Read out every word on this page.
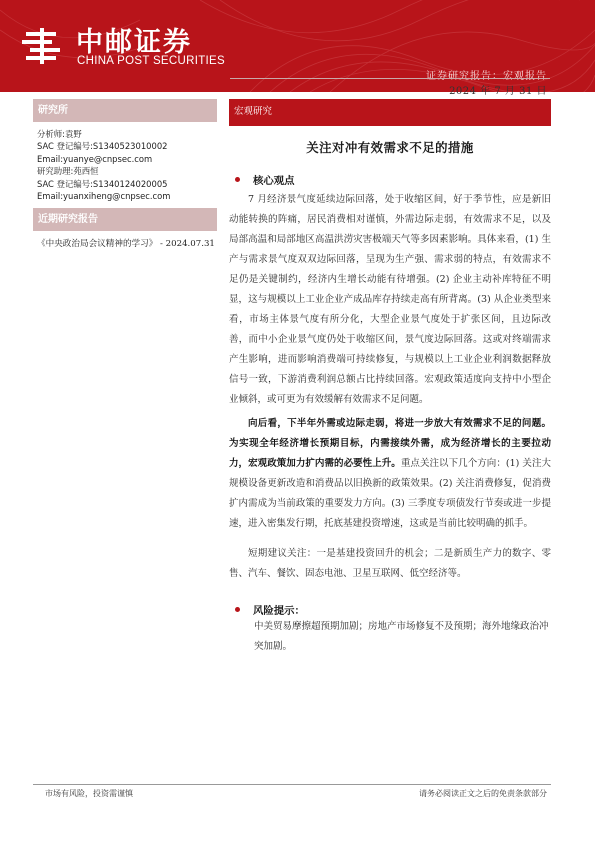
中邮证券
CHINA POST SECURITIES
证券研究报告：宏观报告
2024 年 7 月 31 日
研究所
分析师:袁野
SAC 登记编号:S1340523010002
Email:yuanye@cnpsec.com
研究助理:苑西恒
SAC 登记编号:S1340124020005
Email:yuanxiheng@cnpsec.com
近期研究报告
《中央政治局会议精神的学习》 - 2024.07.31
宏观研究
关注对冲有效需求不足的措施
核心观点

7 月经济景气度延续边际回落，处于收缩区间，好于季节性，应是新旧动能转换的阵痛，居民消费相对谨慎，外需边际走弱，有效需求不足，以及局部高温和局部地区高温洪涝灾害极端天气等多因素影响。具体来看，(1) 生产与需求景气度双双边际回落，呈现为生产强、需求弱的特点，有效需求不足仍是关键制约，经济内生增长动能有待增强。(2) 企业主动补库特征不明显，这与规模以上工业企业产成品库存持续走高有所背离。(3) 从企业类型来看，市场主体景气度有所分化，大型企业景气度处于扩张区间，且边际改善，而中小企业景气度仍处于收缩区间，景气度边际回落。这或对终端需求产生影响，进而影响消费端可持续修复，与规模以上工业企业利润数据释放信号一致，下游消费利润总额占比持续回落。宏观政策适度向支持中小型企业倾斜，或可更为有效缓解有效需求不足问题。

向后看，下半年外需或边际走弱，将进一步放大有效需求不足的问题。为实现全年经济增长预期目标，内需接续外需，成为经济增长的主要拉动力，宏观政策加力扩内需的必要性上升。重点关注以下几个方向：(1) 关注大规模设备更新改造和消费品以旧换新的政策效果。(2) 关注消费修复，促消费扩内需成为当前政策的重要发力方向。(3) 三季度专项债发行节奏或进一步提速，进入密集发行期，托底基建投资增速，这或是当前比较明确的抓手。

短期建议关注：一是基建投资回升的机会；二是新质生产力的数字、零售、汽车、餐饮、固态电池、卫星互联网、低空经济等。

风险提示：

中美贸易摩擦超预期加剧；房地产市场修复不及预期；海外地缘政治冲突加剧。

市场有风险，投资需谨慎	请务必阅读正文之后的免责条款部分
